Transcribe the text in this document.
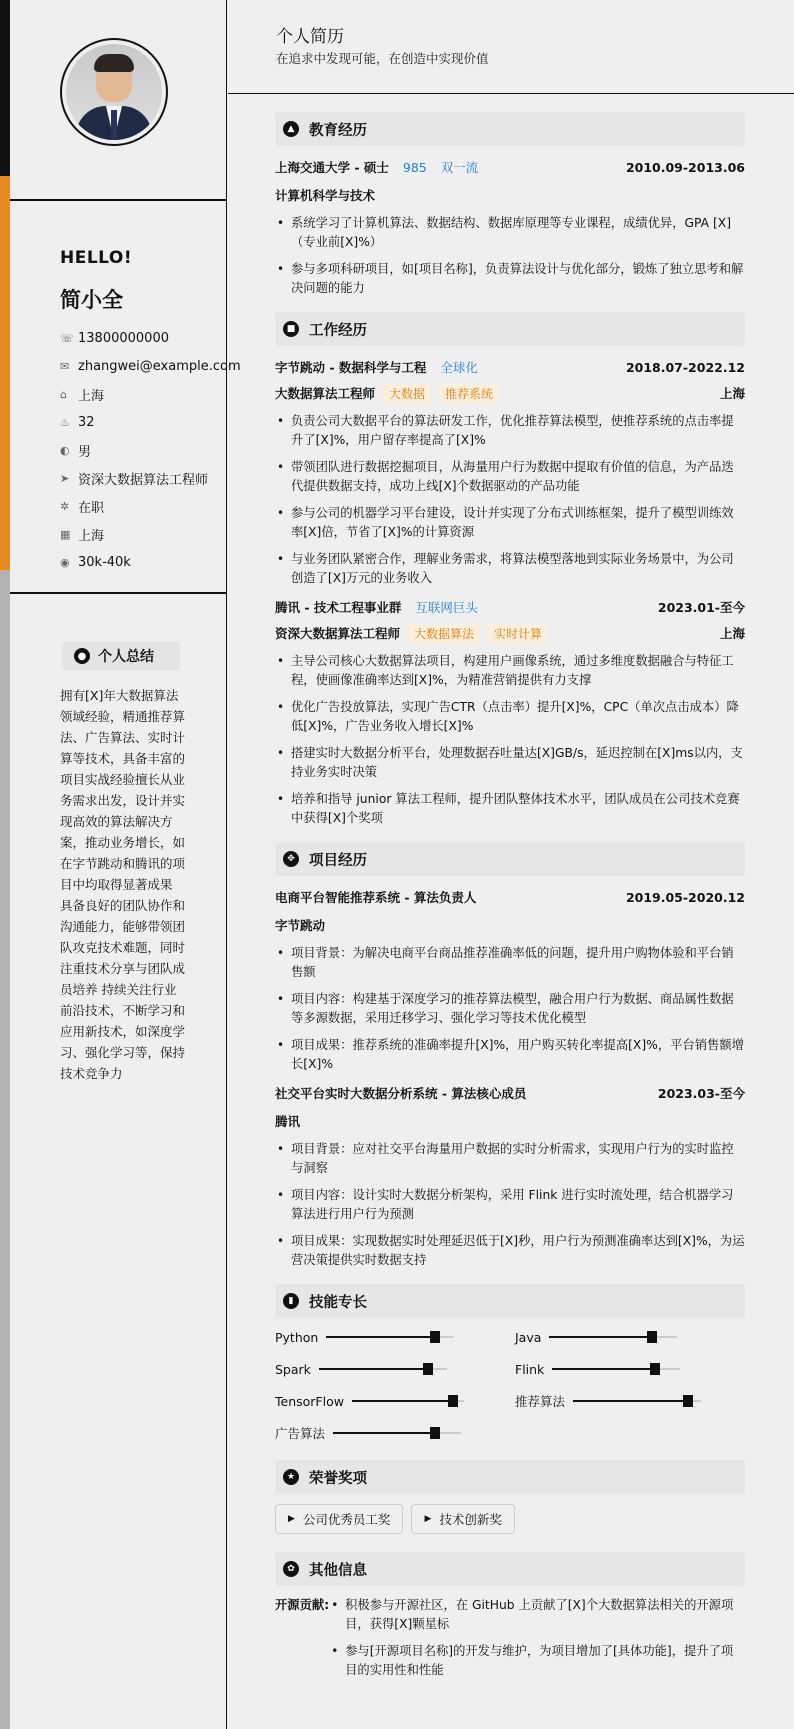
HELLO!
简小全
☏ 13800000000
✉ zhangwei@example.com
⌂ 上海
♨ 32
◐ 男
➤ 资深大数据算法工程师
✲ 在职
▦ 上海
◉ 30k-40k
● 个人总结
拥有[X]年大数据算法领域经验，精通推荐算法、广告算法、实时计算等技术，具备丰富的项目实战经验擅长从业务需求出发，设计并实现高效的算法解决方案，推动业务增长，如在字节跳动和腾讯的项目中均取得显著成果 具备良好的团队协作和沟通能力，能够带领团队攻克技术难题，同时注重技术分享与团队成员培养 持续关注行业前沿技术，不断学习和应用新技术，如深度学习、强化学习等，保持技术竞争力
个人简历
在追求中发现可能，在创造中实现价值
▲	教育经历
上海交通大学 - 硕士 985 双一流	2010.09-2013.06
计算机科学与技术
• 系统学习了计算机算法、数据结构、数据库原理等专业课程，成绩优异，GPA [X]（专业前[X]%）
• 参与多项科研项目，如[项目名称]，负责算法设计与优化部分，锻炼了独立思考和解决问题的能力
■ 工作经历
字节跳动 - 数据科学与工程 全球化	2018.07-2022.12
大数据算法工程师	大数据	推荐系统	上海
• 负责公司大数据平台的算法研发工作，优化推荐算法模型，使推荐系统的点击率提升了[X]%，用户留存率提高了[X]%
• 带领团队进行数据挖掘项目，从海量用户行为数据中提取有价值的信息，为产品迭代提供数据支持，成功上线[X]个数据驱动的产品功能
• 参与公司的机器学习平台建设，设计并实现了分布式训练框架，提升了模型训练效率[X]倍，节省了[X]%的计算资源
• 与业务团队紧密合作，理解业务需求，将算法模型落地到实际业务场景中，为公司创造了[X]万元的业务收入
腾讯 - 技术工程事业群 互联网巨头	2023.01-至今
资深大数据算法工程师	大数据算法	实时计算	上海
• 主导公司核心大数据算法项目，构建用户画像系统，通过多维度数据融合与特征工程，使画像准确率达到[X]%，为精准营销提供有力支撑
• 优化广告投放算法，实现广告CTR（点击率）提升[X]%，CPC（单次点击成本）降低[X]%，广告业务收入增长[X]%
• 搭建实时大数据分析平台，处理数据吞吐量达[X]GB/s，延迟控制在[X]ms以内，支持业务实时决策
• 培养和指导 junior 算法工程师，提升团队整体技术水平，团队成员在公司技术竞赛中获得[X]个奖项
✥ 项目经历
电商平台智能推荐系统 - 算法负责人	2019.05-2020.12
字节跳动
• 项目背景：为解决电商平台商品推荐准确率低的问题，提升用户购物体验和平台销售额
• 项目内容：构建基于深度学习的推荐算法模型，融合用户行为数据、商品属性数据等多源数据，采用迁移学习、强化学习等技术优化模型
• 项目成果：推荐系统的准确率提升[X]%，用户购买转化率提高[X]%，平台销售额增长[X]%
社交平台实时大数据分析系统 - 算法核心成员	2023.03-至今
腾讯
• 项目背景：应对社交平台海量用户数据的实时分析需求，实现用户行为的实时监控与洞察
• 项目内容：设计实时大数据分析架构，采用 Flink 进行实时流处理，结合机器学习算法进行用户行为预测
• 项目成果：实现数据实时处理延迟低于[X]秒，用户行为预测准确率达到[X]%，为运营决策提供实时数据支持
▮	技能专长
Python	Java
Spark	Flink
TensorFlow	推荐算法
广告算法
★ 荣誉奖项
▶ 公司优秀员工奖	▶ 技术创新奖
✿ 其他信息
开源贡献:
•	积极参与开源社区，在 GitHub 上贡献了[X]个大数据算法相关的开源项目，获得[X]颗星标
• 参与[开源项目名称]的开发与维护，为项目增加了[具体功能]，提升了项目的实用性和性能
